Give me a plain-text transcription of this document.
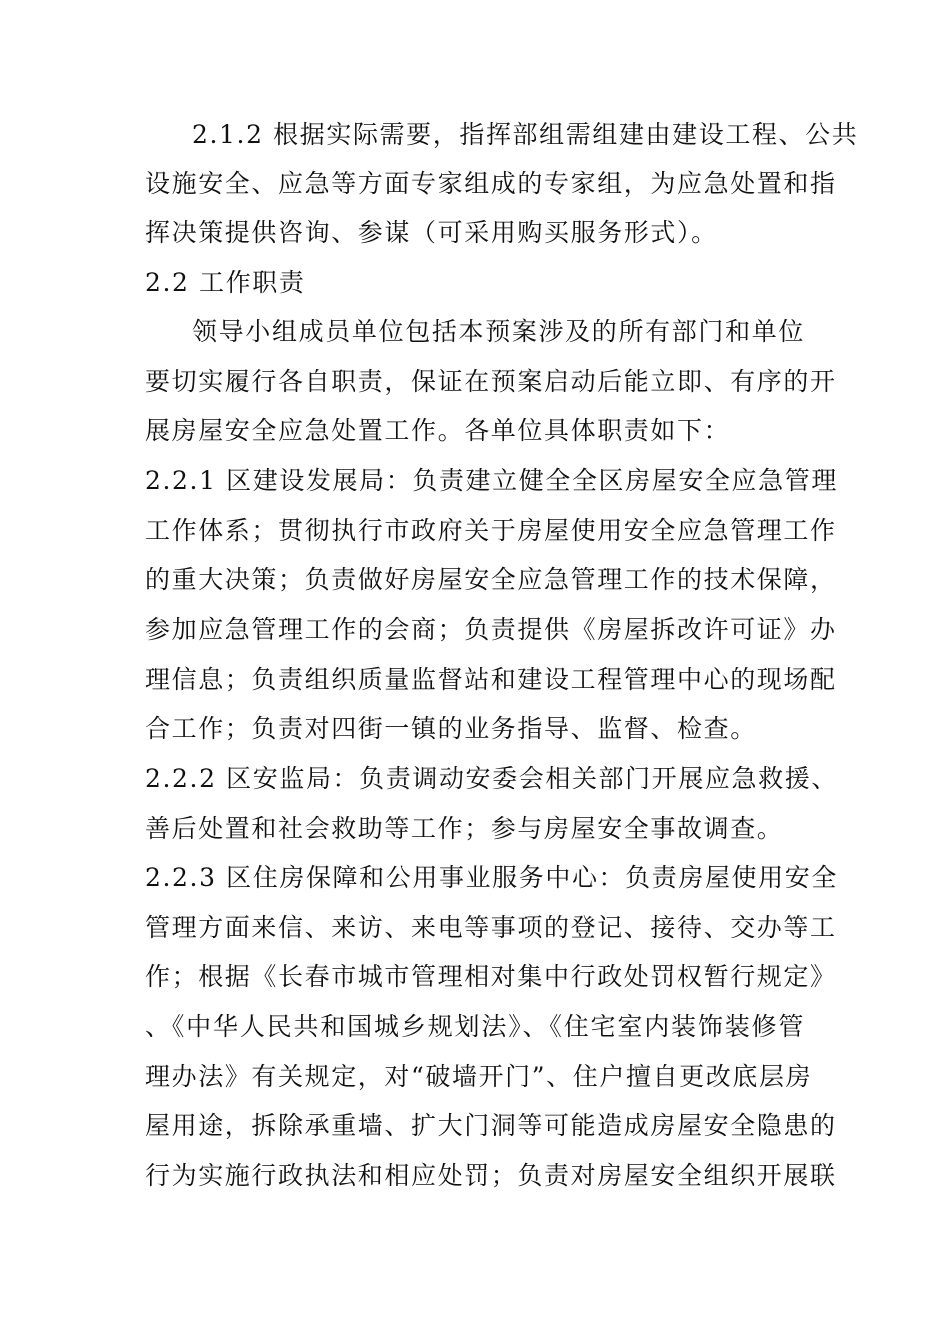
2.1.2 根据实际需要，指挥部组需组建由建设工程、公共
设施安全、应急等方面专家组成的专家组，为应急处置和指
挥决策提供咨询、参谋（可采用购买服务形式）。
2.2 工作职责
领导小组成员单位包括本预案涉及的所有部门和单位
要切实履行各自职责，保证在预案启动后能立即、有序的开
展房屋安全应急处置工作。各单位具体职责如下：
2.2.1 区建设发展局：负责建立健全全区房屋安全应急管理
工作体系；贯彻执行市政府关于房屋使用安全应急管理工作
的重大决策；负责做好房屋安全应急管理工作的技术保障，
参加应急管理工作的会商；负责提供《房屋拆改许可证》办
理信息；负责组织质量监督站和建设工程管理中心的现场配
合工作；负责对四街一镇的业务指导、监督、检查。
2.2.2 区安监局：负责调动安委会相关部门开展应急救援、
善后处置和社会救助等工作；参与房屋安全事故调查。
2.2.3 区住房保障和公用事业服务中心：负责房屋使用安全
管理方面来信、来访、来电等事项的登记、接待、交办等工
作；根据《长春市城市管理相对集中行政处罚权暂行规定》
、《中华人民共和国城乡规划法》、《住宅室内装饰装修管
理办法》有关规定，对“破墙开门”、住户擅自更改底层房
屋用途，拆除承重墙、扩大门洞等可能造成房屋安全隐患的
行为实施行政执法和相应处罚；负责对房屋安全组织开展联
